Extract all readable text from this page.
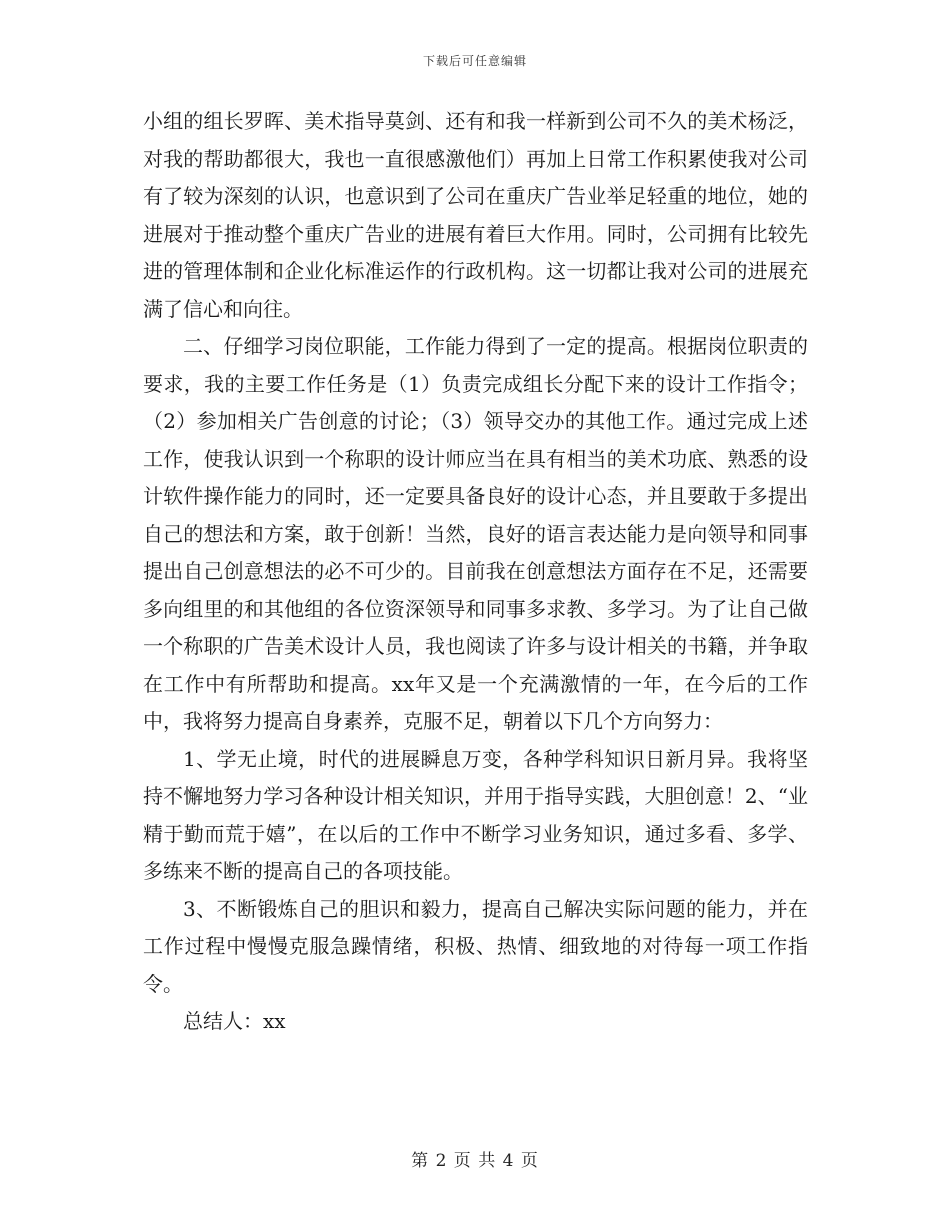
下载后可任意编辑

小组的组长罗晖、美术指导莫剑、还有和我一样新到公司不久的美术杨泛，对我的帮助都很大，我也一直很感激他们）再加上日常工作积累使我对公司有了较为深刻的认识，也意识到了公司在重庆广告业举足轻重的地位，她的进展对于推动整个重庆广告业的进展有着巨大作用。同时，公司拥有比较先进的管理体制和企业化标准运作的行政机构。这一切都让我对公司的进展充满了信心和向往。

二、仔细学习岗位职能，工作能力得到了一定的提高。根据岗位职责的要求，我的主要工作任务是（1）负责完成组长分配下来的设计工作指令；（2）参加相关广告创意的讨论；（3）领导交办的其他工作。通过完成上述工作，使我认识到一个称职的设计师应当在具有相当的美术功底、熟悉的设计软件操作能力的同时，还一定要具备良好的设计心态，并且要敢于多提出自己的想法和方案，敢于创新！当然，良好的语言表达能力是向领导和同事提出自己创意想法的必不可少的。目前我在创意想法方面存在不足，还需要多向组里的和其他组的各位资深领导和同事多求教、多学习。为了让自己做一个称职的广告美术设计人员，我也阅读了许多与设计相关的书籍，并争取在工作中有所帮助和提高。xx年又是一个充满激情的一年，在今后的工作中，我将努力提高自身素养，克服不足，朝着以下几个方向努力：

1、学无止境，时代的进展瞬息万变，各种学科知识日新月异。我将坚持不懈地努力学习各种设计相关知识，并用于指导实践，大胆创意！2、“业精于勤而荒于嬉”，在以后的工作中不断学习业务知识，通过多看、多学、多练来不断的提高自己的各项技能。

3、不断锻炼自己的胆识和毅力，提高自己解决实际问题的能力，并在工作过程中慢慢克服急躁情绪，积极、热情、细致地的对待每一项工作指令。

总结人：xx

第 2 页 共 4 页
